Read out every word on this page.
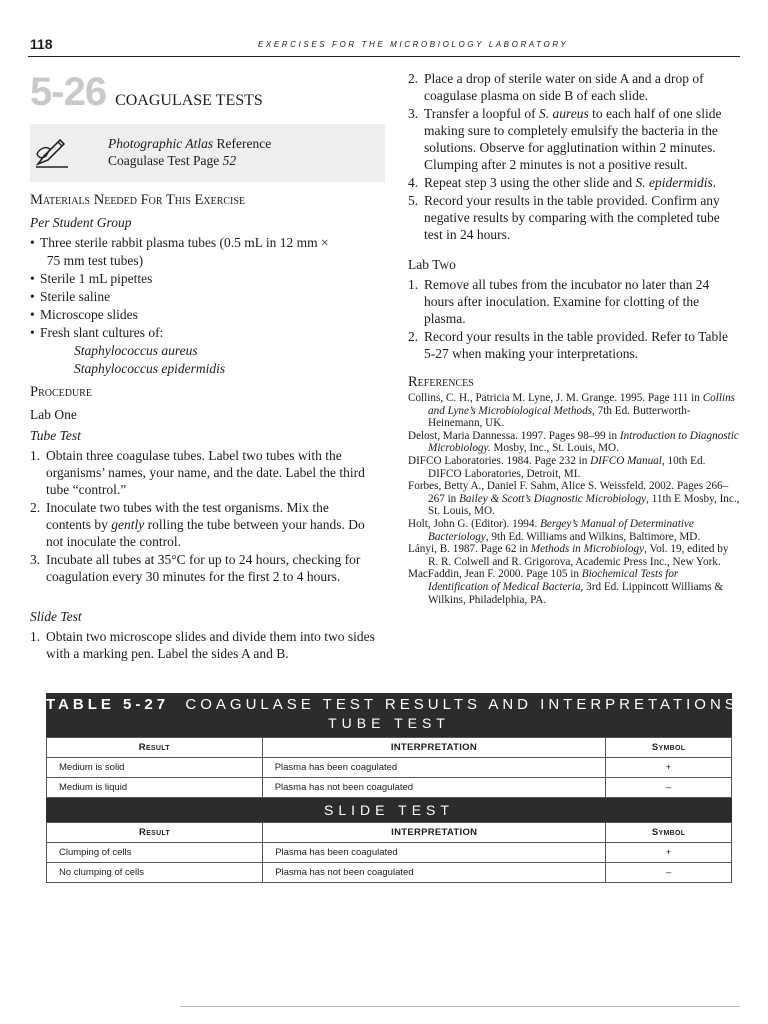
118	EXERCISES FOR THE MICROBIOLOGY LABORATORY
5-26 COAGULASE TESTS
Photographic Atlas Reference
Coagulase Test Page 52
Materials Needed For This Exercise
Per Student Group
• Three sterile rabbit plasma tubes (0.5 mL in 12 mm ×
75 mm test tubes)
• Sterile 1 mL pipettes
• Sterile saline
• Microscope slides
• Fresh slant cultures of:
Staphylococcus aureus
Staphylococcus epidermidis
Procedure
Lab One
Tube Test
1. Obtain three coagulase tubes. Label two tubes with the organisms’ names, your name, and the date. Label the third tube “control.”
2. Inoculate two tubes with the test organisms. Mix the contents by gently rolling the tube between your hands. Do not inoculate the control.
3. Incubate all tubes at 35°C for up to 24 hours, checking for coagulation every 30 minutes for the first 2 to 4 hours.
Slide Test
1. Obtain two microscope slides and divide them into two sides with a marking pen. Label the sides A and B.
2. Place a drop of sterile water on side A and a drop of coagulase plasma on side B of each slide.
3. Transfer a loopful of S. aureus to each half of one slide making sure to completely emulsify the bacteria in the solutions. Observe for agglutination within 2 minutes. Clumping after 2 minutes is not a positive result.
4. Repeat step 3 using the other slide and S. epidermidis.
5. Record your results in the table provided. Confirm any negative results by comparing with the completed tube test in 24 hours.
Lab Two
1. Remove all tubes from the incubator no later than 24 hours after inoculation. Examine for clotting of the plasma.
2. Record your results in the table provided. Refer to Table 5-27 when making your interpretations.
References

Collins, C. H., Patricia M. Lyne, J. M. Grange. 1995. Page 111 in Collins and Lyne’s Microbiological Methods, 7th Ed. Butterworth-Heinemann, UK.

Delost, Maria Dannessa. 1997. Pages 98–99 in Introduction to Diagnostic Microbiology. Mosby, Inc., St. Louis, MO.

DIFCO Laboratories. 1984. Page 232 in DIFCO Manual, 10th Ed. DIFCO Laboratories, Detroit, MI.

Forbes, Betty A., Daniel F. Sahm, Alice S. Weissfeld. 2002. Pages 266–267 in Bailey & Scott’s Diagnostic Microbiology, 11th E Mosby, Inc., St. Louis, MO.

Holt, John G. (Editor). 1994. Bergey’s Manual of Determinative Bacteriology, 9th Ed. Williams and Wilkins, Baltimore, MD.

Lányi, B. 1987. Page 62 in Methods in Microbiology, Vol. 19, edited by R. R. Colwell and R. Grigorova, Academic Press Inc., New York.

MacFaddin, Jean F. 2000. Page 105 in Biochemical Tests for Identification of Medical Bacteria, 3rd Ed. Lippincott Williams & Wilkins, Philadelphia, PA.

TABLE 5-27 COAGULASE TEST RESULTS AND INTERPRETATIONS
TUBE TEST
Result	INTERPRETATION	Symbol
Medium is solid	Plasma has been coagulated	+
Medium is liquid	Plasma has not been coagulated	–
SLIDE TEST
Result	INTERPRETATION	Symbol
Clumping of cells	Plasma has been coagulated	+
No clumping of cells	Plasma has not been coagulated	–
